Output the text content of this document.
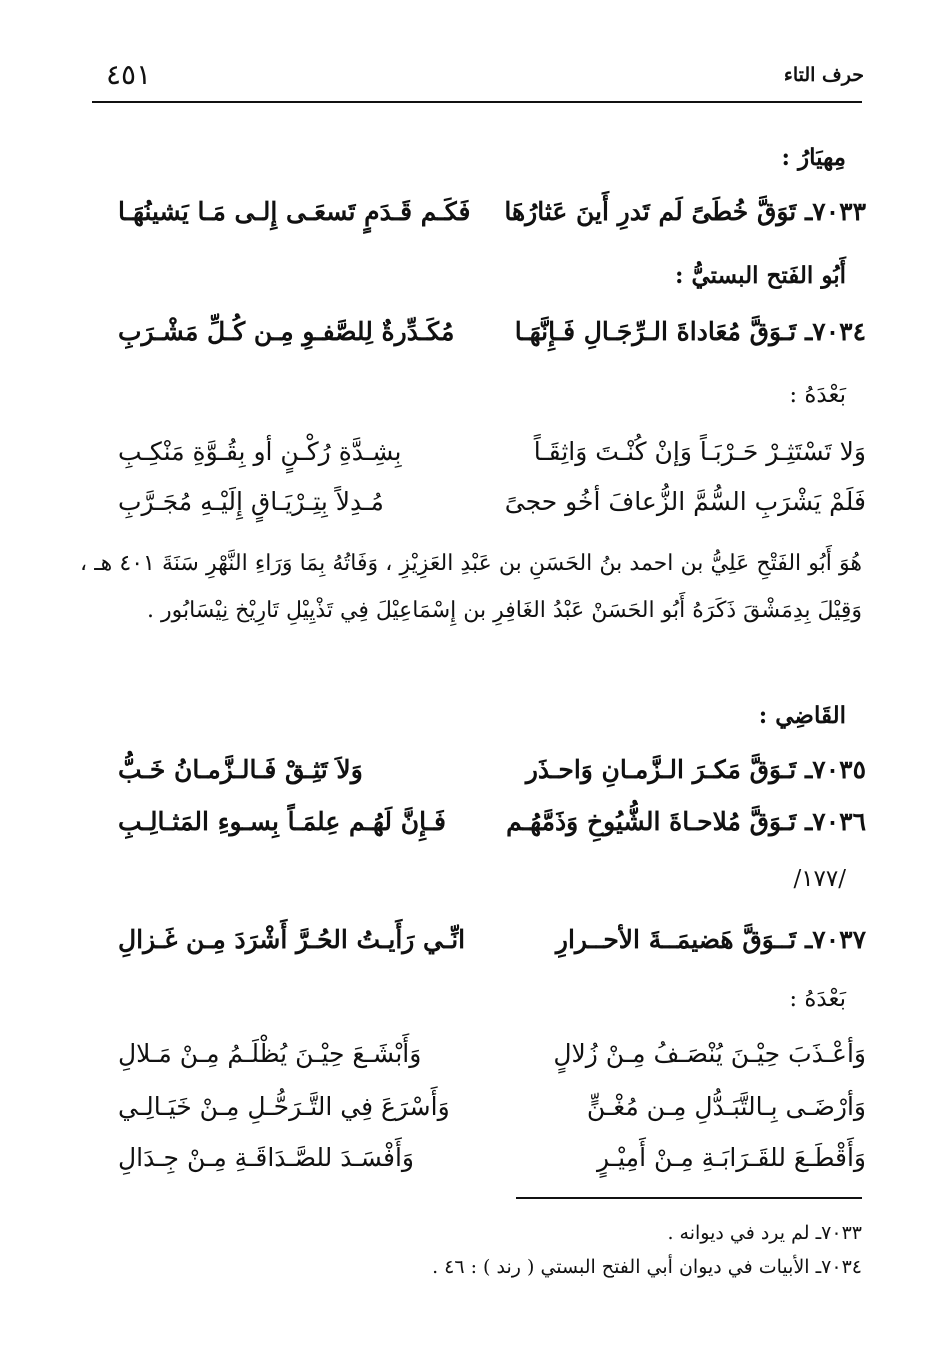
حرف التاء
٤٥١
مِهيَارُ :
٧٠٣٣ـ تَوَقَّ خُطَىً لَم تَدرِ أَينَ عَثارُهَا
فَكَـم قَـدَمٍ تَسعَـى إِلـى مَـا يَشينُهَـا
أَبُو الفَتح البستيُّ :
٧٠٣٤ـ تَـوَقَّ مُعَاداةَ الـرِّجَـالِ فَـإِنَّهَـا
مُكَـدِّرةٌ لِلصَّفـوِ مِـن كُـلِّ مَشْـرَبِ
بَعْدَهُ :
وَلا تَسْتَثِـرْ حَـرْبَـاً وَإنْ كُنْـتَ وَاثِقَـاً
بِشِـدَّةِ رُكْـنٍ أو بِقُـوَّةِ مَنْكِـبِ
فَلَمْ يَشْرَبِ السُّمَّ الزُّعافَ أخُو حجىً
مُـدِلاً بِتِـرْيَـاقٍ إِلَيْـهِ مُجَـرَّبِ

هُوَ أَبُو الفَتْحِ عَلِيُّ بن احمد بنُ الحَسَنِ بن عَبْدِ العَزِيْزِ ، وَفَاتُهُ بِمَا وَرَاءِ النَّهْرِ سَنَةَ ٤٠١ هـ ، وَقِيْلَ بِدِمَشْقَ ذَكَرَهُ أَبُو الحَسَنْ عَبْدُ الغَافِرِ بن إِسْمَاعِيْلَ فِي تَذْيِيْلِ تَارِيْخ نِيْسَابُور .

القَاضِي :
٧٠٣٥ـ تَـوَقَّ مَكـرَ الـزَّمـانِ وَاحـذَر
وَلاَ تَثِـقْ فَـالـزَّمـانُ خَـبُّ
٧٠٣٦ـ تَـوَقَّ مُلاحـاةَ الشُّيُوخِ وَذَمَّهُـم
فَـإِنَّ لَهُـم عِلمَـاً بِسـوءِ المَثـالِـبِ
/١٧٧/
٧٠٣٧ـ تَــوَقَّ هَضيمَــةَ الأحــرارِ
انِّـي رَأَيـتُ الحُـرَّ أَشْرَدَ مِـن غَـزالِ
بَعْدَهُ :
وَأعْـذَبَ حِيْـنَ يُنْصَـفُ مِـنْ زُلالٍ
وَأَبْشَـعَ حِيْـنَ يُظْلَـمُ مِـنْ مَـلالِ
وَأرْضَـى بِـالتَّبَـدُّلِ مِـن مُغْـنٍّ
وَأَسْرَعَ فِي التَّـرَحُّـلِ مِـنْ خَيَـالِـي
وَأَقْطَـعَ للقَـرَابَـةِ مِـنْ أَمِيْـرٍ
وَأَفْسَـدَ للصَّـدَاقَـةِ مِـنْ جِـدَالِ
٧٠٣٣ـ لم يرد في ديوانه .
٧٠٣٤ـ الأبيات في ديوان أبي الفتح البستي ( رند ) : ٤٦ .
